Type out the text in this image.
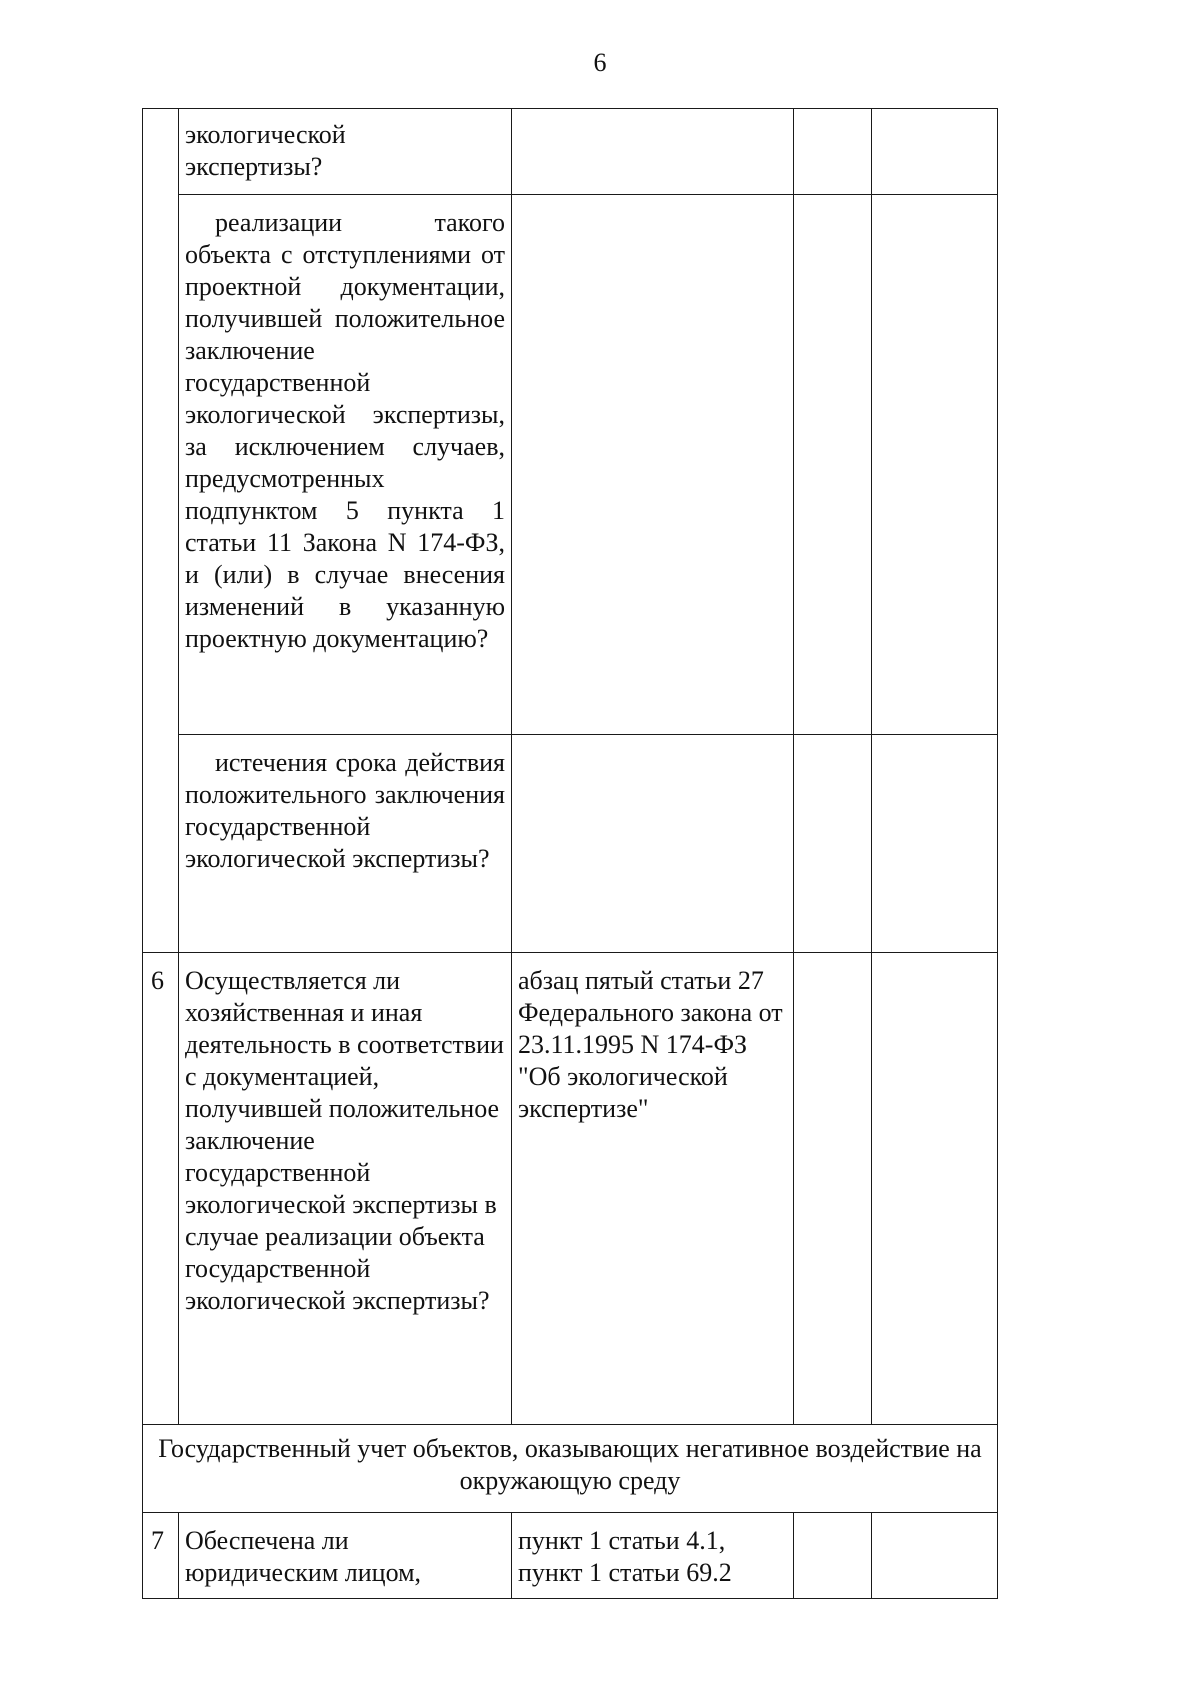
6

	экологической экспертизы?			

	реализации такого объекта с отступлениями от проектной документации, получившей положительное заключение государственной экологической экспертизы, за исключением случаев, предусмотренных подпунктом 5 пункта 1 статьи 11 Закона N 174-ФЗ, и (или) в случае внесения изменений в указанную проектную документацию?			

	истечения срока действия положительного заключения государственной экологической экспертизы?			

6	Осуществляется ли хозяйственная и иная деятельность в соответствии с документацией, получившей положительное заключение государственной экологической экспертизы в случае реализации объекта государственной экологической экспертизы?	абзац пятый статьи 27 Федерального закона от 23.11.1995 N 174-ФЗ "Об экологической экспертизе"		

Государственный учет объектов, оказывающих негативное воздействие на окружающую среду				
7	Обеспечена ли юридическим лицом,	пункт 1 статьи 4.1, пункт 1 статьи 69.2		
